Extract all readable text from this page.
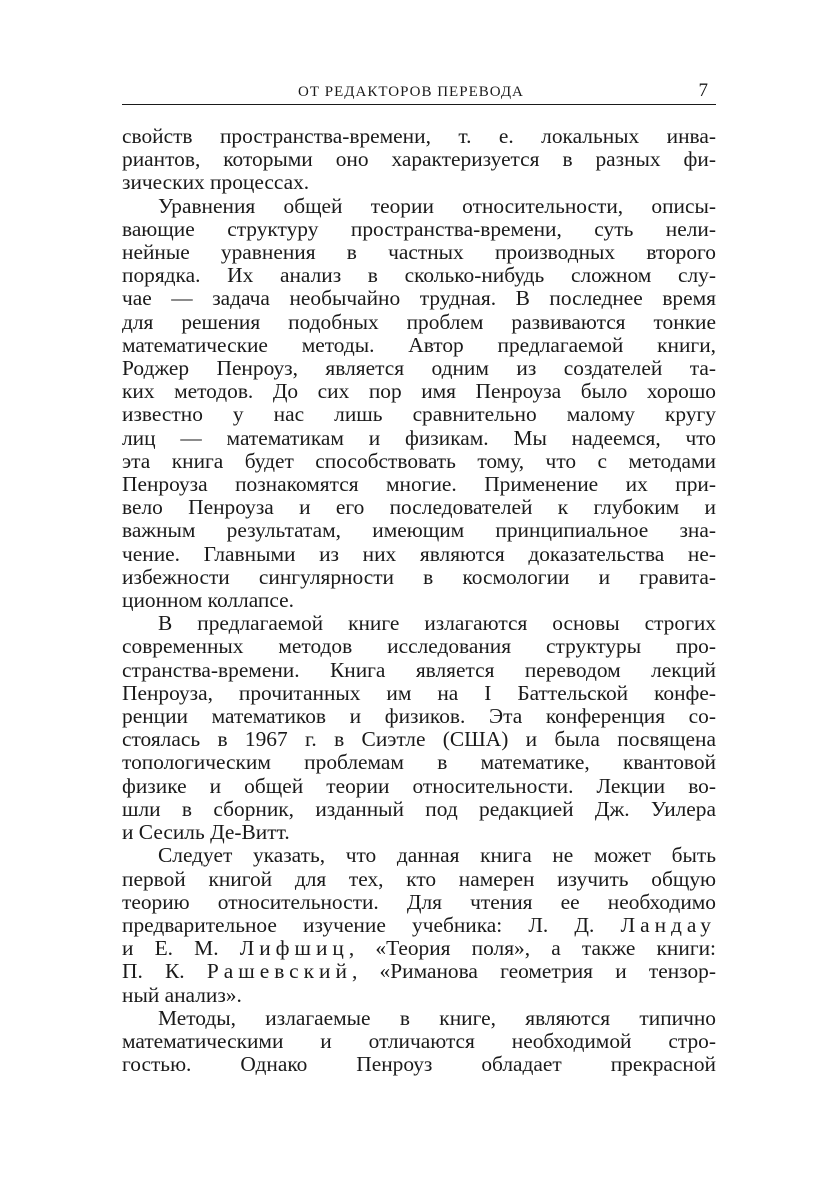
ОТ РЕДАКТОРОВ ПЕРЕВОДА	7

свойств пространства-времени, т. е. локальных инва-

риантов, которыми оно характеризуется в разных фи-

зических процессах.

Уравнения общей теории относительности, описы-

вающие структуру пространства-времени, суть нели-

нейные уравнения в частных производных второго

порядка. Их анализ в сколько-нибудь сложном слу-

чае — задача необычайно трудная. В последнее время

для решения подобных проблем развиваются тонкие

математические методы. Автор предлагаемой книги,

Роджер Пенроуз, является одним из создателей та-

ких методов. До сих пор имя Пенроуза было хорошо

известно у нас лишь сравнительно малому кругу

лиц — математикам и физикам. Мы надеемся, что

эта книга будет способствовать тому, что с методами

Пенроуза познакомятся многие. Применение их при-

вело Пенроуза и его последователей к глубоким и

важным результатам, имеющим принципиальное зна-

чение. Главными из них являются доказательства не-

избежности сингулярности в космологии и гравита-

ционном коллапсе.

В предлагаемой книге излагаются основы строгих

современных методов исследования структуры про-

странства-времени. Книга является переводом лекций

Пенроуза, прочитанных им на I Баттельской конфе-

ренции математиков и физиков. Эта конференция со-

стоялась в 1967 г. в Сиэтле (США) и была посвящена

топологическим проблемам в математике, квантовой

физике и общей теории относительности. Лекции во-

шли в сборник, изданный под редакцией Дж. Уилера

и Сесиль Де-Витт.

Следует указать, что данная книга не может быть

первой книгой для тех, кто намерен изучить общую

теорию относительности. Для чтения ее необходимо

предварительное изучение учебника: Л. Д. Ландау

и Е. М. Лифшиц, «Теория поля», а также книги:

П. К. Рашевский, «Риманова геометрия и тензор-

ный анализ».

Методы, излагаемые в книге, являются типично

математическими и отличаются необходимой стро-

гостью. Однако Пенроуз обладает прекрасной
